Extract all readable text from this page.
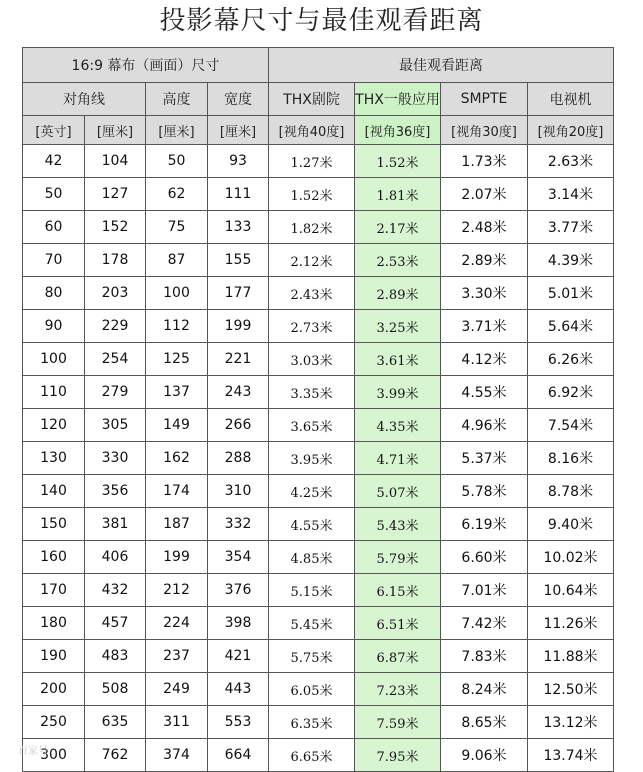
投影幕尺寸与最佳观看距离
16:9 幕布（画面）尺寸				最佳观看距离			
对角线		高度	宽度	THX剧院	THX一般应用	SMPTE	电视机
[英寸]	[厘米]	[厘米]	[厘米]	[视角40度]	[视角36度]	[视角30度]	[视角20度]
42	104	50	93	1.27米	1.52米	1.73米	2.63米
50	127	62	111	1.52米	1.81米	2.07米	3.14米
60	152	75	133	1.82米	2.17米	2.48米	3.77米
70	178	87	155	2.12米	2.53米	2.89米	4.39米
80	203	100	177	2.43米	2.89米	3.30米	5.01米
90	229	112	199	2.73米	3.25米	3.71米	5.64米
100	254	125	221	3.03米	3.61米	4.12米	6.26米
110	279	137	243	3.35米	3.99米	4.55米	6.92米
120	305	149	266	3.65米	4.35米	4.96米	7.54米
130	330	162	288	3.95米	4.71米	5.37米	8.16米
140	356	174	310	4.25米	5.07米	5.78米	8.78米
150	381	187	332	4.55米	5.43米	6.19米	9.40米
160	406	199	354	4.85米	5.79米	6.60米	10.02米
170	432	212	376	5.15米	6.15米	7.01米	10.64米
180	457	224	398	5.45米	6.51米	7.42米	11.26米
190	483	237	421	5.75米	6.87米	7.83米	11.88米
200	508	249	443	6.05米	7.23米	8.24米	12.50米
250	635	311	553	6.35米	7.59米	8.65米	13.12米
300	762	374	664	6.65米	7.95米	9.06米	13.74米
百家号
